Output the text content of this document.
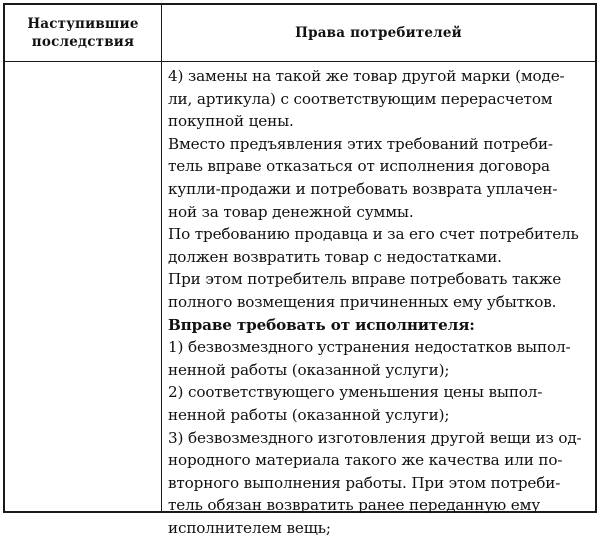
Наступившие
последствия
Права потребителей
4) замены на такой же товар другой марки (моде-
ли, артикула) с соответствующим перерасчетом
покупной цены.
Вместо предъявления этих требований потреби-
тель вправе отказаться от исполнения договора
купли-продажи и потребовать возврата уплачен-
ной за товар денежной суммы.
По требованию продавца и за его счет потребитель
должен возвратить товар с недостатками.
При этом потребитель вправе потребовать также
полного возмещения причиненных ему убытков.
Вправе требовать от исполнителя:
1) безвозмездного устранения недостатков выпол-
ненной работы (оказанной услуги);
2) соответствующего уменьшения цены выпол-
ненной работы (оказанной услуги);
3) безвозмездного изготовления другой вещи из од-
нородного материала такого же качества или по-
вторного выполнения работы. При этом потреби-
тель обязан возвратить ранее переданную ему
исполнителем вещь;
